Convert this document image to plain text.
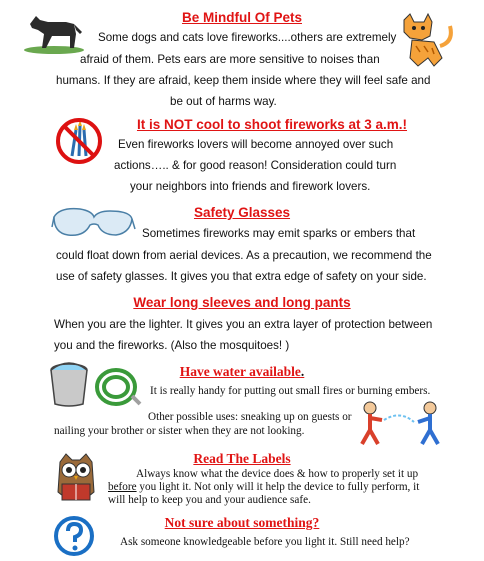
Be Mindful Of Pets
Some dogs and cats love fireworks....others are extremely
afraid of them. Pets ears are more sensitive to noises than
humans. If they are afraid, keep them inside where they will feel safe and
be out of harms way.
It is NOT cool to shoot fireworks at 3 a.m.!
Even fireworks lovers will become annoyed over such
actions….. & for good reason! Consideration could turn
your neighbors into friends and firework lovers.
Safety Glasses
Sometimes fireworks may emit sparks or embers that
could float down from aerial devices. As a precaution, we recommend the
use of safety glasses. It gives you that extra edge of safety on your side.
Wear long sleeves and long pants
When you are the lighter. It gives you an extra layer of protection between
you and the fireworks. (Also the mosquitoes! )
Have water available.
It is really handy for putting out small fires or burning embers.
Other possible uses: sneaking up on guests or
nailing your brother or sister when they are not looking.
Read The Labels
Always know what the device does & how to properly set it up
before you light it. Not only will it help the device to fully perform, it
will help to keep you and your audience safe.
Not sure about something?
Ask someone knowledgeable before you light it. Still need help?
